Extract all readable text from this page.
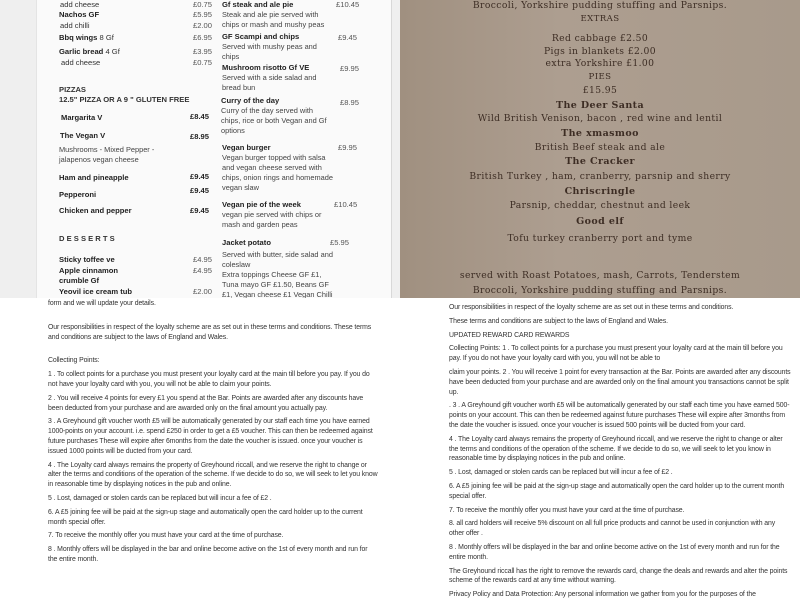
add cheese	£0.75
Nachos GF	£5.95
add chilli	£2.00
Bbq wings 8 Gf	£6.95
Garlic bread 4 Gf	£3.95
add cheese	£0.75
PIZZAS
12.5" PIZZA OR A 9 " GLUTEN FREE
Margarita V	£8.45
The Vegan V	£8.95
Mushrooms - Mixed Pepper - jalapenos vegan cheese
Ham and pineapple	£9.45
Pepperoni	£9.45
Chicken and pepper	£9.45
D E S S E R T S
Sticky toffee ve	£4.95
Apple cinnamon crumble Gf
£4.95
Yeovil ice cream tub	£2.00
Gf steak and ale pie
Steak and ale pie served with chips or mash and mushy peas
£10.45
GF Scampi and chips
Served with mushy peas and chips
£9.45
Mushroom risotto Gf VE
Served with a side salad and bread bun
£9.95
Curry of the day
Curry of the day served with chips, rice or both Vegan and Gf options
£8.95
Vegan burger
Vegan burger topped with salsa and vegan cheese served with chips, onion rings and homemade vegan slaw
£9.95
Vegan pie of the week
vegan pie served with chips or mash and garden peas
£10.45
Jacket potato
Served with butter, side salad and coleslaw
Extra toppings Cheese GF £1, Tuna mayo GF £1.50, Beans GF £1, Vegan cheese £1 Vegan Chilli
£5.95
Broccoli, Yorkshire pudding stuffing and Parsnips.
EXTRAS
Red cabbage £2.50
Pigs in blankets £2.00
extra Yorkshire £1.00
PIES
£15.95
The Deer Santa
Wild British Venison, bacon , red wine and lentil
The xmasmoo
British Beef steak and ale
The Cracker
British Turkey , ham, cranberry, parsnip and sherry
Chriscringle
Parsnip, cheddar, chestnut and leek
Good elf
Tofu turkey cranberry port and tyme
served with Roast Potatoes, mash, Carrots, Tenderstem
Broccoli, Yorkshire pudding stuffing and Parsnips.
form and we will update your details.
Our responsibilities in respect of the loyalty scheme are as set out in these terms and conditions. These terms and conditions are subject to the laws of England and Wales.
Collecting Points:
1 . To collect points for a purchase you must present your loyalty card at the main till before you pay. If you do not have your loyalty card with you, you will not be able to claim your points.
2 . You will receive 4 points for every £1 you spend at the Bar. Points are awarded after any discounts have been deducted from your purchase and are awarded only on the final amount you actually pay.
3 . A Greyhound gift voucher worth £5 will be automatically generated by our staff each time you have earned 1000-points on your account. i.e. spend £250 in order to get a £5 voucher. This can then be redeemed against future purchases These will expire after 6months from the date the voucher is issued. once your voucher is issued 1000 points will be ducted from your card.
4 . The Loyalty card always remains the property of Greyhound riccall, and we reserve the right to change or alter the terms and conditions of the operation of the scheme. If we decide to do so, we will seek to let you know in reasonable time by displaying notices in the pub and online.
5 . Lost, damaged or stolen cards can be replaced but will incur a fee of £2 .
6. A £5 joining fee will be paid at the sign-up stage and automatically open the card holder up to the current month special offer.
7. To receive the monthly offer you must have your card at the time of purchase.
8 . Monthly offers will be displayed in the bar and online become active on the 1st of every month and run for the entire month.
Our responsibilities in respect of the loyalty scheme are as set out in these terms and conditions.
These terms and conditions are subject to the laws of England and Wales.
UPDATED REWARD CARD REWARDS
Collecting Points: 1 . To collect points for a purchase you must present your loyalty card at the main till before you pay. If you do not have your loyalty card with you, you will not be able to
claim your points. 2 . You will receive 1 point for every transaction at the Bar. Points are awarded after any discounts have been deducted from your purchase and are awarded only on the final amount you transactions cannot be split up.
. 3 . A Greyhound gift voucher worth £5 will be automatically generated by our staff each time you have earned 500-points on your account. This can then be redeemed against future purchases These will expire after 3months from the date the voucher is issued. once your voucher is issued 500 points will be ducted from your card.
4 . The Loyalty card always remains the property of Greyhound riccall, and we reserve the right to change or alter the terms and conditions of the operation of the scheme. If we decide to do so, we will seek to let you know in reasonable time by displaying notices in the pub and online.
5 . Lost, damaged or stolen cards can be replaced but will incur a fee of £2 .
6. A £5 joining fee will be paid at the sign-up stage and automatically open the card holder up to the current month special offer.
7. To receive the monthly offer you must have your card at the time of purchase.
8. all card holders will receive 5% discount on all full price products and cannot be used in conjunction with any other offer .
8 . Monthly offers will be displayed in the bar and online become active on the 1st of every month and run for the entire month.
The Greyhound riccall has the right to remove the rewards card, change the deals and rewards and alter the points scheme of the rewards card at any time without warning.
Privacy Policy and Data Protection: Any personal information we gather from you for the purposes of the
